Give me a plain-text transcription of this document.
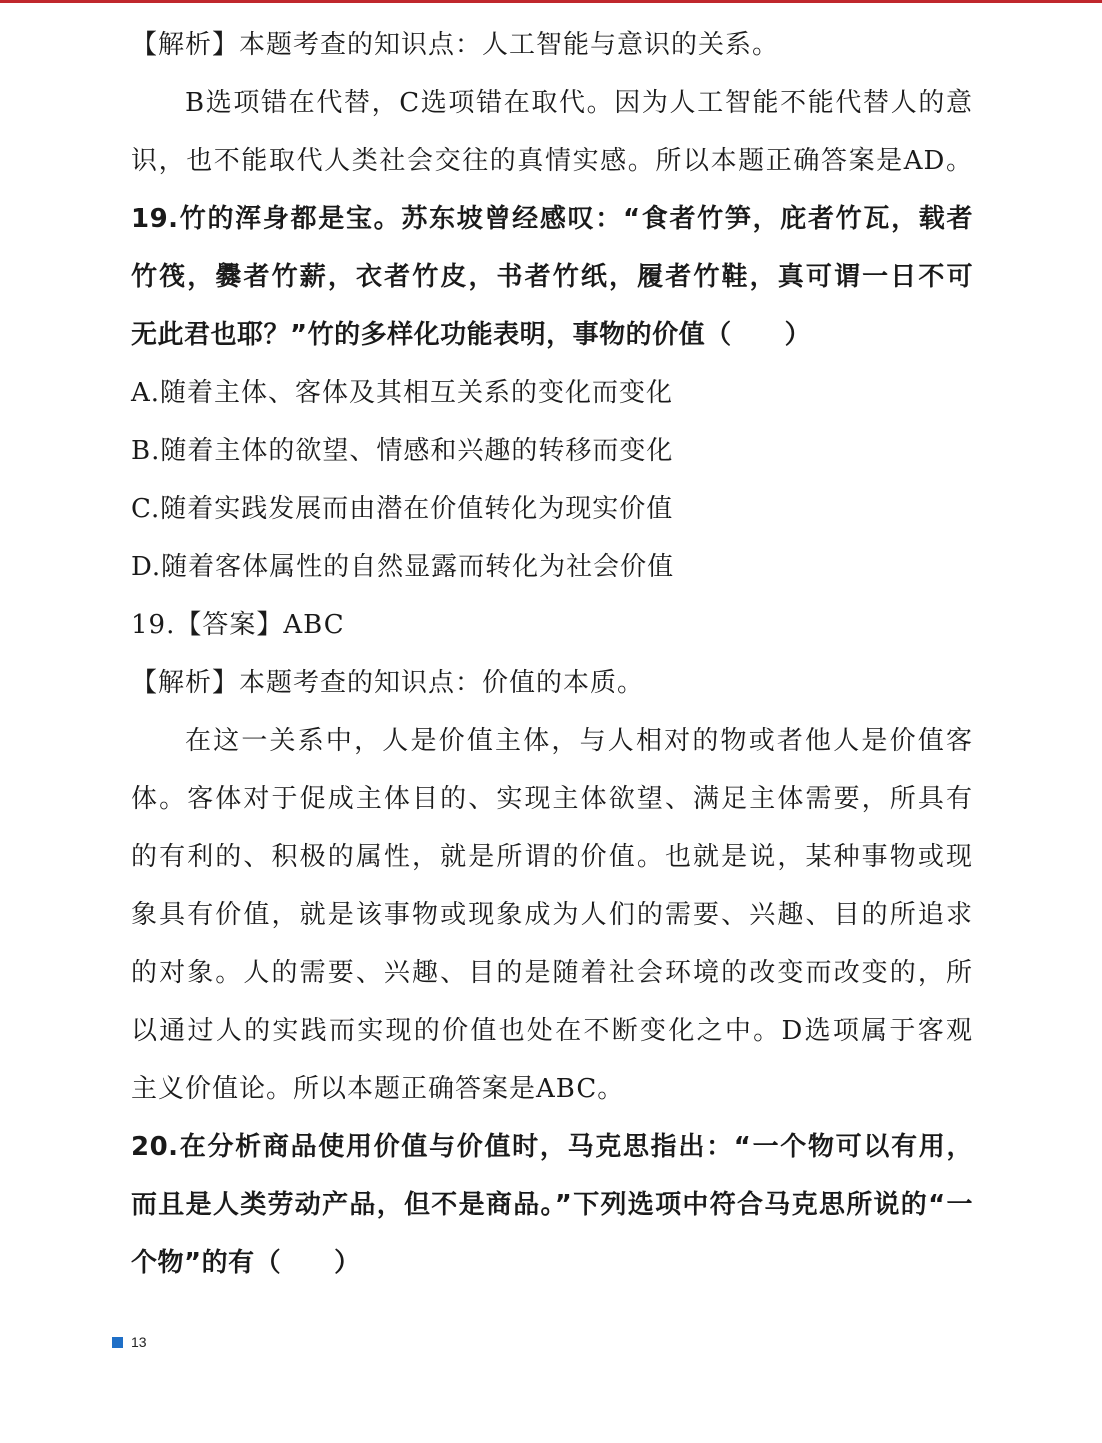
【解析】本题考查的知识点：人工智能与意识的关系。
B选项错在代替，C选项错在取代。因为人工智能不能代替人的意
识，也不能取代人类社会交往的真情实感。所以本题正确答案是AD。
19.竹的浑身都是宝。苏东坡曾经感叹：“食者竹笋，庇者竹瓦，载者
竹筏，爨者竹薪，衣者竹皮，书者竹纸，履者竹鞋，真可谓一日不可
无此君也耶？”竹的多样化功能表明，事物的价值（　　）
A.随着主体、客体及其相互关系的变化而变化
B.随着主体的欲望、情感和兴趣的转移而变化
C.随着实践发展而由潜在价值转化为现实价值
D.随着客体属性的自然显露而转化为社会价值
19.【答案】ABC
【解析】本题考查的知识点：价值的本质。
在这一关系中，人是价值主体，与人相对的物或者他人是价值客
体。客体对于促成主体目的、实现主体欲望、满足主体需要，所具有
的有利的、积极的属性，就是所谓的价值。也就是说，某种事物或现
象具有价值，就是该事物或现象成为人们的需要、兴趣、目的所追求
的对象。人的需要、兴趣、目的是随着社会环境的改变而改变的，所
以通过人的实践而实现的价值也处在不断变化之中。D选项属于客观
主义价值论。所以本题正确答案是ABC。
20.在分析商品使用价值与价值时，马克思指出：“一个物可以有用，
而且是人类劳动产品，但不是商品。”下列选项中符合马克思所说的“一
个物”的有（　　）
13
